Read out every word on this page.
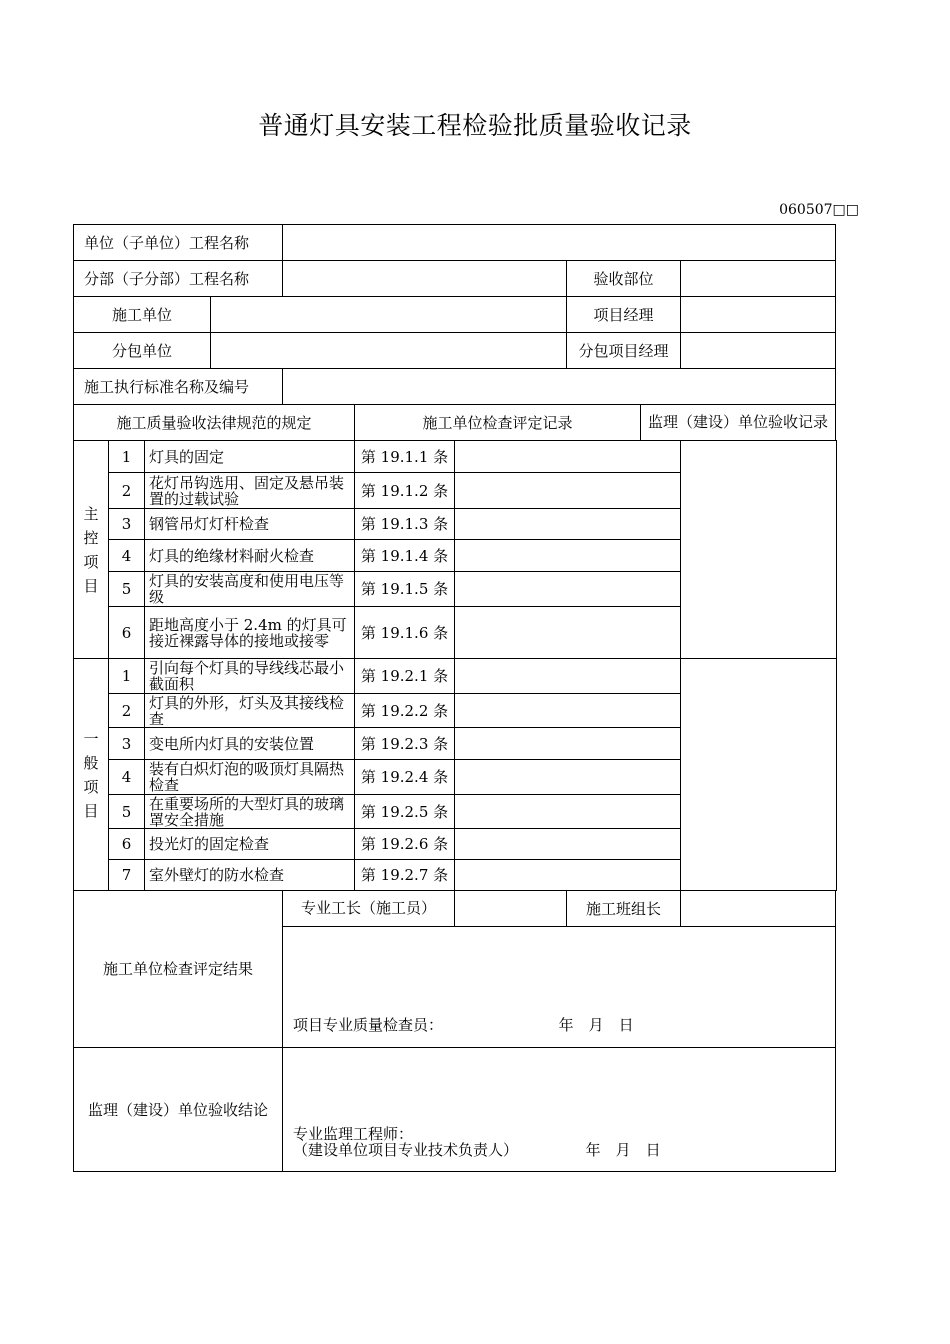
普通灯具安装工程检验批质量验收记录
060507□□
单位（子单位）工程名称									
分部（子分部）工程名称							验收部位		
施工单位							项目经理		
分包单位							分包项目经理		
施工执行标准名称及编号									
施工质量验收法律规范的规定					施工单位检查评定记录			监理（建设）单位验收记录	

主
控
项
目	1	灯具的固定			第 19.1.1 条				
	2	花灯吊钩选用、固定及悬吊装置的过载试验			第 19.1.2 条				
	3	钢管吊灯灯杆检查			第 19.1.3 条				
	4	灯具的绝缘材料耐火检查			第 19.1.4 条				
	5	灯具的安装高度和使用电压等级			第 19.1.5 条				
	6	距地高度小于 2.4m 的灯具可接近裸露导体的接地或接零			第 19.1.6 条				

一
般
项
目	1	引向每个灯具的导线线芯最小截面积			第 19.2.1 条				
	2	灯具的外形，灯头及其接线检查			第 19.2.2 条				
	3	变电所内灯具的安装位置			第 19.2.3 条				
	4	装有白炽灯泡的吸顶灯具隔热检查			第 19.2.4 条				
	5	在重要场所的大型灯具的玻璃罩安全措施			第 19.2.5 条				
	6	投光灯的固定检查			第 19.2.6 条				
	7	室外壁灯的防水检查			第 19.2.7 条				
施工单位检查评定结果				专业工长（施工员）			施工班组长		
				项目专业质量检查员： 年　月　日					
监理（建设）单位验收结论				专业监理工程师：
（建设单位项目专业技术负责人） 年　月　日					
